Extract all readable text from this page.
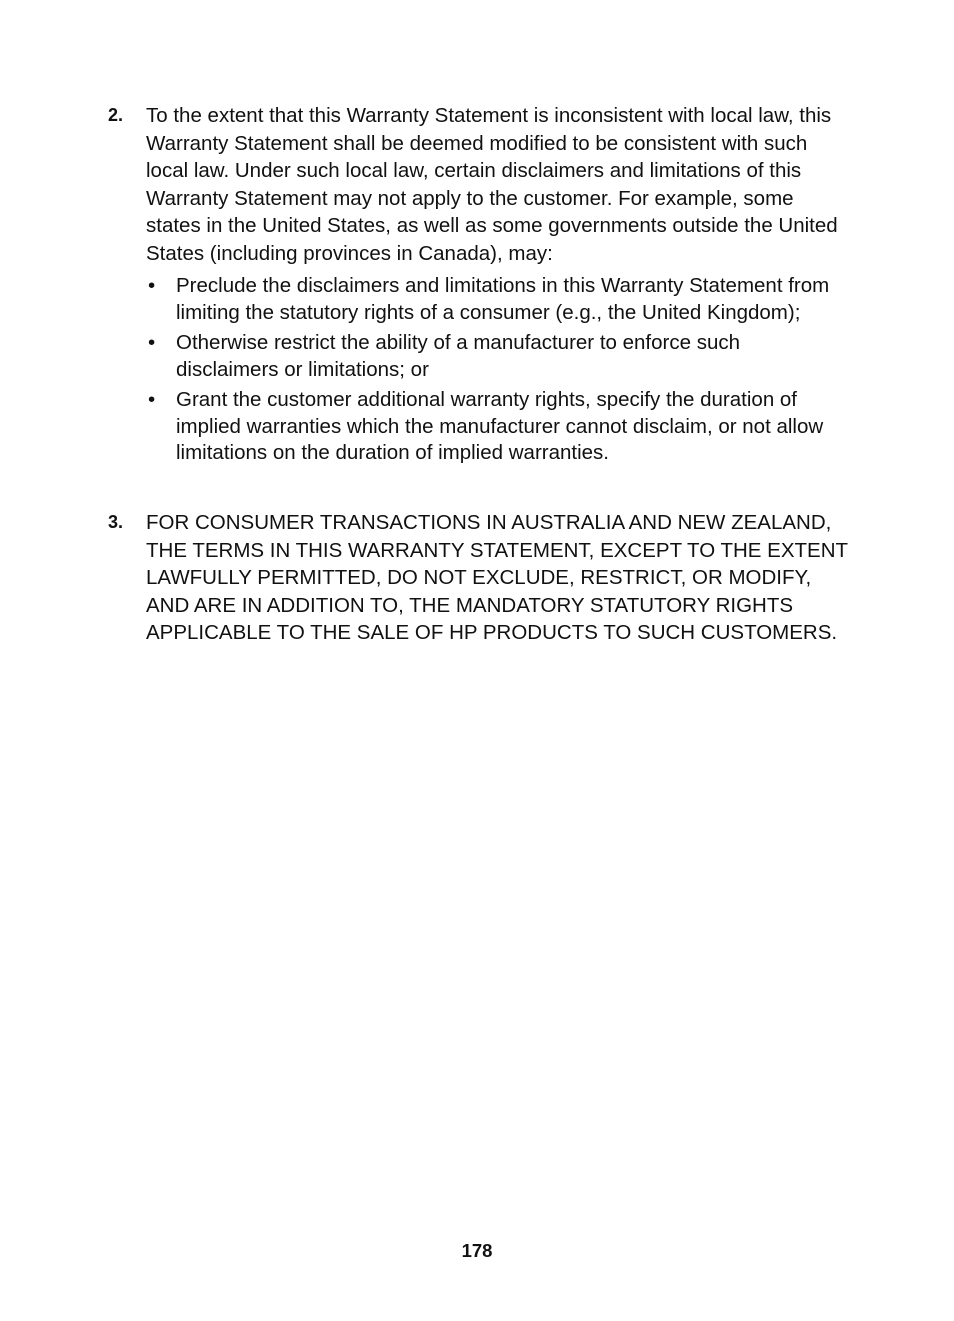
2. To the extent that this Warranty Statement is inconsistent with local law, this Warranty Statement shall be deemed modified to be consistent with such local law. Under such local law, certain disclaimers and limitations of this Warranty Statement may not apply to the customer. For example, some states in the United States, as well as some governments outside the United States (including provinces in Canada), may:
• Preclude the disclaimers and limitations in this Warranty Statement from limiting the statutory rights of a consumer (e.g., the United Kingdom);
• Otherwise restrict the ability of a manufacturer to enforce such disclaimers or limitations; or
• Grant the customer additional warranty rights, specify the duration of implied warranties which the manufacturer cannot disclaim, or not allow limitations on the duration of implied warranties.
3. FOR CONSUMER TRANSACTIONS IN AUSTRALIA AND NEW ZEALAND, THE TERMS IN THIS WARRANTY STATEMENT, EXCEPT TO THE EXTENT LAWFULLY PERMITTED, DO NOT EXCLUDE, RESTRICT, OR MODIFY, AND ARE IN ADDITION TO, THE MANDATORY STATUTORY RIGHTS APPLICABLE TO THE SALE OF HP PRODUCTS TO SUCH CUSTOMERS.
178
